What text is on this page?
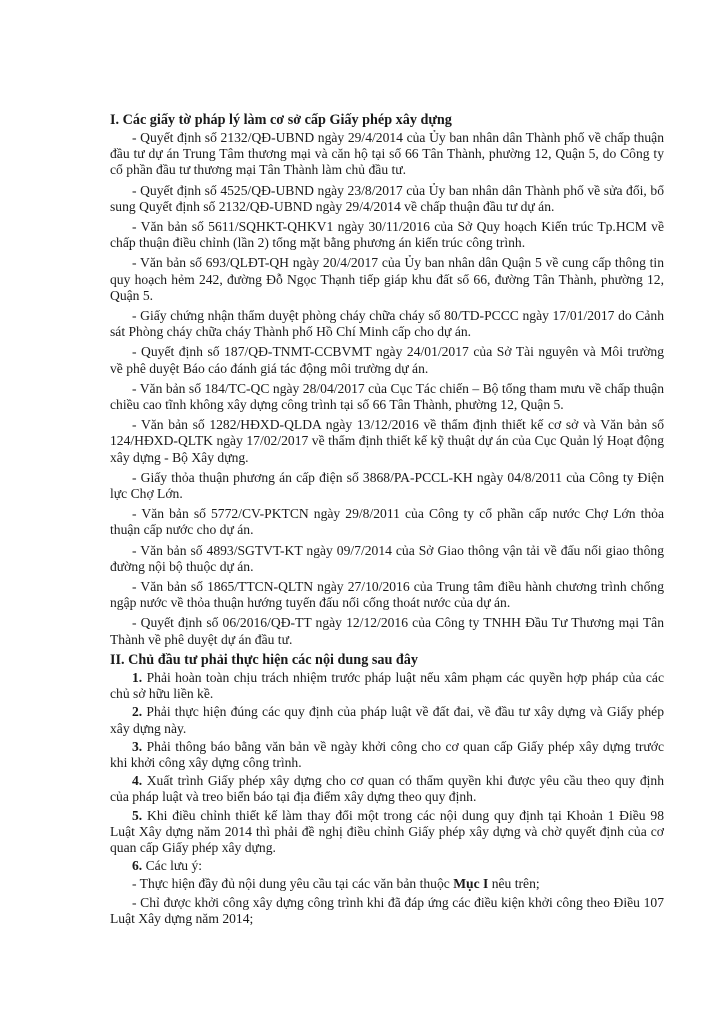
I. Các giấy tờ pháp lý làm cơ sở cấp Giấy phép xây dựng

- Quyết định số 2132/QĐ-UBND ngày 29/4/2014 của Ủy ban nhân dân Thành phố về chấp thuận đầu tư dự án Trung Tâm thương mại và căn hộ tại số 66 Tân Thành, phường 12, Quận 5, do Công ty cổ phần đầu tư thương mại Tân Thành làm chủ đầu tư.

- Quyết định số 4525/QĐ-UBND ngày 23/8/2017 của Ủy ban nhân dân Thành phố về sửa đổi, bổ sung Quyết định số 2132/QĐ-UBND ngày 29/4/2014 về chấp thuận đầu tư dự án.

- Văn bản số 5611/SQHKT-QHKV1 ngày 30/11/2016 của Sở Quy hoạch Kiến trúc Tp.HCM về chấp thuận điều chỉnh (lần 2) tổng mặt bằng phương án kiến trúc công trình.

- Văn bản số 693/QLĐT-QH ngày 20/4/2017 của Ủy ban nhân dân Quận 5 về cung cấp thông tin quy hoạch hẻm 242, đường Đỗ Ngọc Thạnh tiếp giáp khu đất số 66, đường Tân Thành, phường 12, Quận 5.

- Giấy chứng nhận thẩm duyệt phòng cháy chữa cháy số 80/TD-PCCC ngày 17/01/2017 do Cảnh sát Phòng cháy chữa cháy Thành phố Hồ Chí Minh cấp cho dự án.

- Quyết định số 187/QĐ-TNMT-CCBVMT ngày 24/01/2017 của Sở Tài nguyên và Môi trường về phê duyệt Báo cáo đánh giá tác động môi trường dự án.

- Văn bản số 184/TC-QC ngày 28/04/2017 của Cục Tác chiến – Bộ tổng tham mưu về chấp thuận chiều cao tĩnh không xây dựng công trình tại số 66 Tân Thành, phường 12, Quận 5.

- Văn bản số 1282/HĐXD-QLDA ngày 13/12/2016 về thẩm định thiết kế cơ sở và Văn bản số 124/HĐXD-QLTK ngày 17/02/2017 về thẩm định thiết kế kỹ thuật dự án của Cục Quản lý Hoạt động xây dựng - Bộ Xây dựng.

- Giấy thỏa thuận phương án cấp điện số 3868/PA-PCCL-KH ngày 04/8/2011 của Công ty Điện lực Chợ Lớn.

- Văn bản số 5772/CV-PKTCN ngày 29/8/2011 của Công ty cổ phần cấp nước Chợ Lớn thỏa thuận cấp nước cho dự án.

- Văn bản số 4893/SGTVT-KT ngày 09/7/2014 của Sở Giao thông vận tải về đấu nối giao thông đường nội bộ thuộc dự án.

- Văn bản số 1865/TTCN-QLTN ngày 27/10/2016 của Trung tâm điều hành chương trình chống ngập nước về thỏa thuận hướng tuyến đấu nối cống thoát nước của dự án.

- Quyết định số 06/2016/QĐ-TT ngày 12/12/2016 của Công ty TNHH Đầu Tư Thương mại Tân Thành về phê duyệt dự án đầu tư.

II. Chủ đầu tư phải thực hiện các nội dung sau đây

1. Phải hoàn toàn chịu trách nhiệm trước pháp luật nếu xâm phạm các quyền hợp pháp của các chủ sở hữu liền kề.

2. Phải thực hiện đúng các quy định của pháp luật về đất đai, về đầu tư xây dựng và Giấy phép xây dựng này.

3. Phải thông báo bằng văn bản về ngày khởi công cho cơ quan cấp Giấy phép xây dựng trước khi khởi công xây dựng công trình.

4. Xuất trình Giấy phép xây dựng cho cơ quan có thẩm quyền khi được yêu cầu theo quy định của pháp luật và treo biển báo tại địa điểm xây dựng theo quy định.

5. Khi điều chỉnh thiết kế làm thay đổi một trong các nội dung quy định tại Khoản 1 Điều 98 Luật Xây dựng năm 2014 thì phải đề nghị điều chỉnh Giấy phép xây dựng và chờ quyết định của cơ quan cấp Giấy phép xây dựng.

6. Các lưu ý:

- Thực hiện đầy đủ nội dung yêu cầu tại các văn bản thuộc Mục I nêu trên;

- Chỉ được khởi công xây dựng công trình khi đã đáp ứng các điều kiện khởi công theo Điều 107 Luật Xây dựng năm 2014;
